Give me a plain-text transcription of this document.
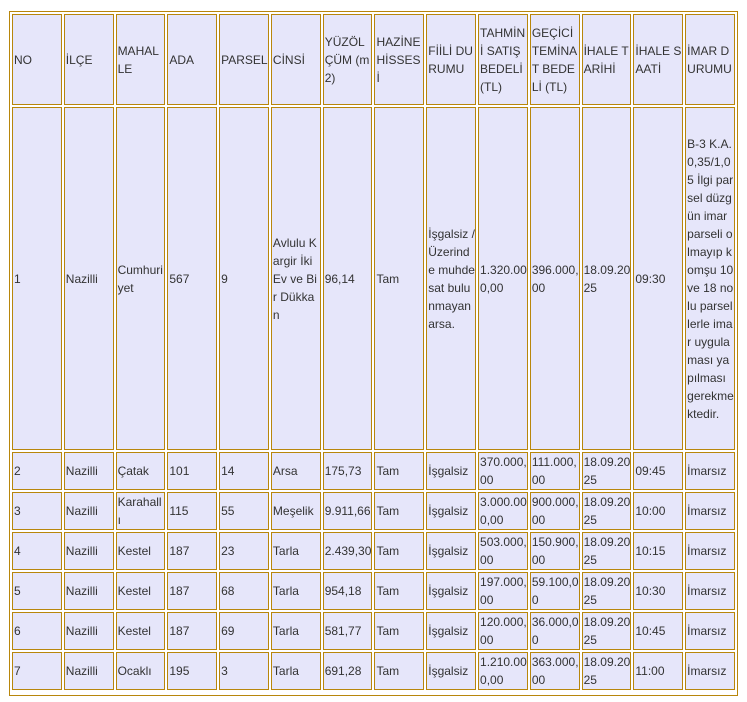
NO	İLÇE	MAHALLE	ADA	PARSEL	CİNSİ	YÜZÖLÇÜM (m2)	HAZİNE HİSSESİ	FİİLİ DURUMU	TAHMİNİ SATIŞ BEDELİ (TL)	GEÇİCİ TEMİNAT BEDELİ (TL)	İHALE TARİHİ	İHALE SAATİ	İMAR DURUMU
1	Nazilli	Cumhuriyet	567	9	Avlulu Kargir İki Ev ve Bir Dükkan	96,14	Tam	İşgalsiz / Üzerinde muhdesat bulunmayan arsa.	1.320.000,00	396.000,00	18.09.2025	09:30	B-3 K.A. 0,35/1,05 İlgi parsel düzgün imar parseli olmayıp komşu 10 ve 18 nolu parsellerle imar uygulaması yapılması gerekmektedir.
2	Nazilli	Çatak	101	14	Arsa	175,73	Tam	İşgalsiz	370.000,00	111.000,00	18.09.2025	09:45	İmarsız
3	Nazilli	Karahallı	115	55	Meşelik	9.911,66	Tam	İşgalsiz	3.000.000,00	900.000,00	18.09.2025	10:00	İmarsız
4	Nazilli	Kestel	187	23	Tarla	2.439,30	Tam	İşgalsiz	503.000,00	150.900,00	18.09.2025	10:15	İmarsız
5	Nazilli	Kestel	187	68	Tarla	954,18	Tam	İşgalsiz	197.000,00	59.100,00	18.09.2025	10:30	İmarsız
6	Nazilli	Kestel	187	69	Tarla	581,77	Tam	İşgalsiz	120.000,00	36.000,00	18.09.2025	10:45	İmarsız
7	Nazilli	Ocaklı	195	3	Tarla	691,28	Tam	İşgalsiz	1.210.000,00	363.000,00	18.09.2025	11:00	İmarsız
